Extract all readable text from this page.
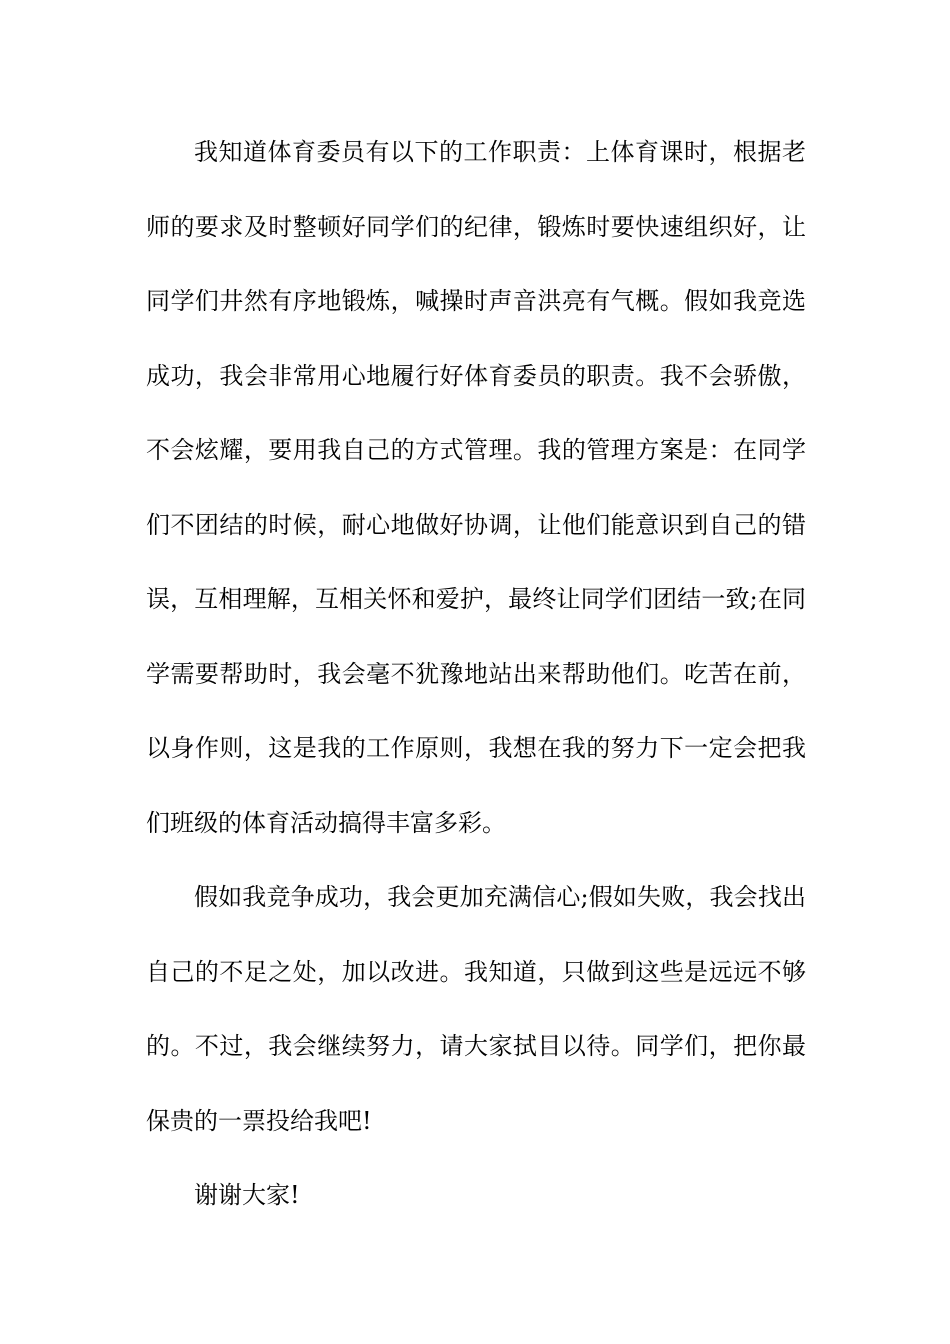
我知道体育委员有以下的工作职责：上体育课时，根据老
师的要求及时整顿好同学们的纪律，锻炼时要快速组织好，让
同学们井然有序地锻炼，喊操时声音洪亮有气概。假如我竞选
成功，我会非常用心地履行好体育委员的职责。我不会骄傲，
不会炫耀，要用我自己的方式管理。我的管理方案是：在同学
们不团结的时候，耐心地做好协调，让他们能意识到自己的错
误，互相理解，互相关怀和爱护，最终让同学们团结一致;在同
学需要帮助时，我会毫不犹豫地站出来帮助他们。吃苦在前，
以身作则，这是我的工作原则，我想在我的努力下一定会把我
们班级的体育活动搞得丰富多彩。
假如我竞争成功，我会更加充满信心;假如失败，我会找出
自己的不足之处，加以改进。我知道，只做到这些是远远不够
的。不过，我会继续努力，请大家拭目以待。同学们，把你最
保贵的一票投给我吧!
谢谢大家!
